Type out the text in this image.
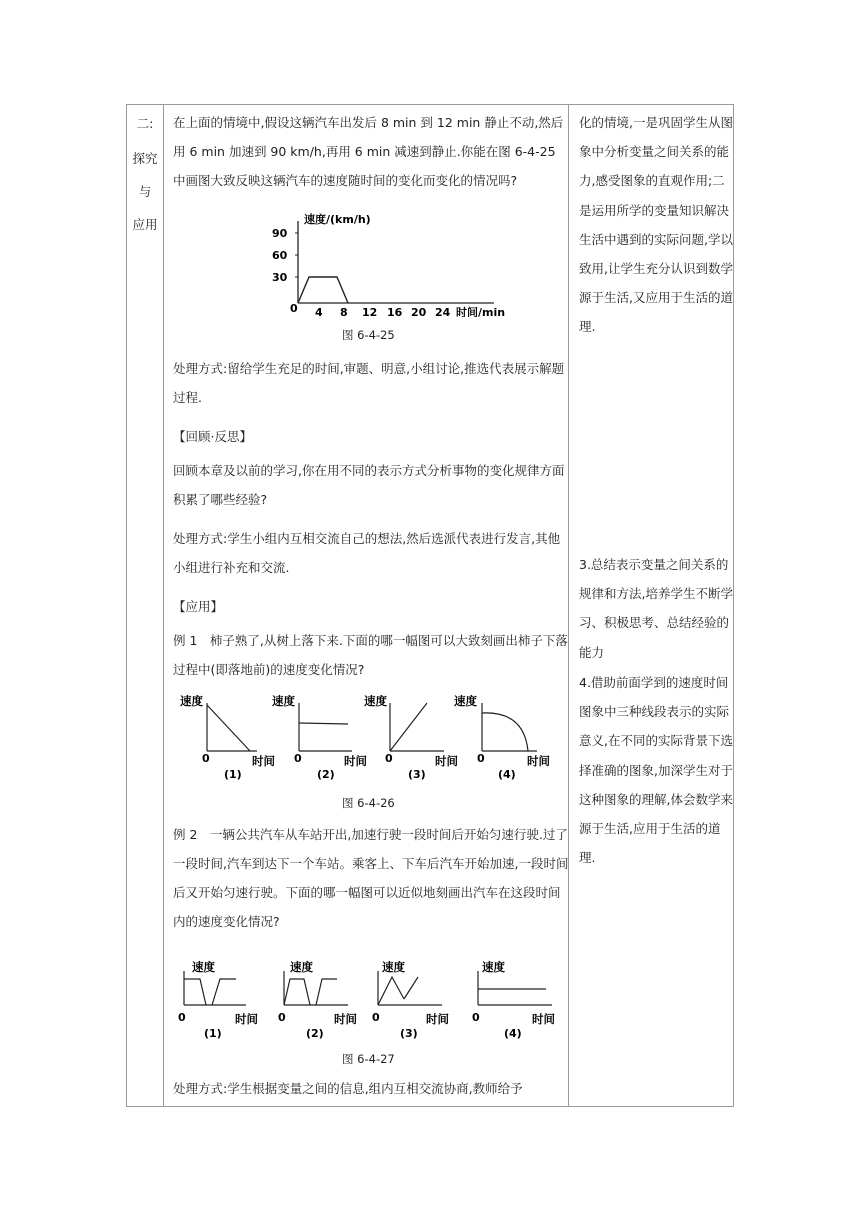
二:
探究
与
应用

在上面的情境中,假设这辆汽车出发后 8 min 到 12 min 静止不动,然后用 6 min 加速到 90 km/h,再用 6 min 减速到静止.你能在图 6-4-25 中画图大致反映这辆汽车的速度随时间的变化而变化的情况吗?

速度/(km/h)
90
60
30
0 4 8 12 16 20 24 时间/min
图 6-4-25

处理方式:留给学生充足的时间,审题、明意,小组讨论,推选代表展示解题过程.

【回顾·反思】

回顾本章及以前的学习,你在用不同的表示方式分析事物的变化规律方面积累了哪些经验?

处理方式:学生小组内互相交流自己的想法,然后选派代表进行发言,其他小组进行补充和交流.

【应用】

例 1　柿子熟了,从树上落下来.下面的哪一幅图可以大致刻画出柿子下落过程中(即落地前)的速度变化情况?

速度
0	时间
(1)
速度
0	时间
(2)
速度
0	时间
(3)
速度
0	时间
(4)
图 6-4-26

例 2　一辆公共汽车从车站开出,加速行驶一段时间后开始匀速行驶.过了一段时间,汽车到达下一个车站。乘客上、下车后汽车开始加速,一段时间后又开始匀速行驶。下面的哪一幅图可以近似地刻画出汽车在这段时间内的速度变化情况?

速度
0	时间
(1)
速度
0	时间
(2)
速度
0	时间
(3)
速度
0	时间
(4)
图 6-4-27

处理方式:学生根据变量之间的信息,组内互相交流协商,教师给予

化的情境,一是巩固学生从图象中分析变量之间关系的能力,感受图象的直观作用;二是运用所学的变量知识解决生活中遇到的实际问题,学以致用,让学生充分认识到数学源于生活,又应用于生活的道理.

3.总结表示变量之间关系的规律和方法,培养学生不断学习、积极思考、总结经验的能力

4.借助前面学到的速度时间图象中三种线段表示的实际意义,在不同的实际背景下选择准确的图象,加深学生对于这种图象的理解,体会数学来源于生活,应用于生活的道理.
